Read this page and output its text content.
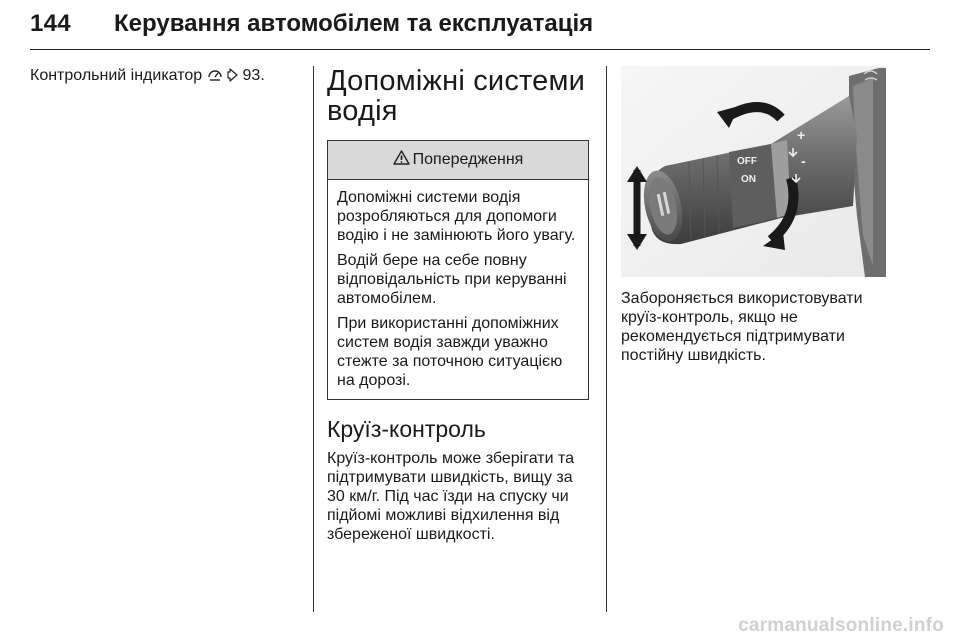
144 Керування автомобілем та експлуатація

Контрольний індикатор	93.	Допоміжні системи водія
Попередження

Допоміжні системи водія розробляються для допомоги водію і не замінюють його увагу.

Водій бере на себе повну відповідальність при керуванні автомобілем.

При використанні допоміжних систем водія завжди уважно стежте за поточною ситуацією на дорозі.

Круїз-контроль

Круїз-контроль може зберігати та підтримувати швидкість, вищу за 30 км/г. Під час їзди на спуску чи підйомі можливі відхилення від збереженої швидкості.

OFF
ON
+
-

Забороняється використовувати круїз-контроль, якщо не рекомендується підтримувати постійну швидкість.

carmanualsonline.info
